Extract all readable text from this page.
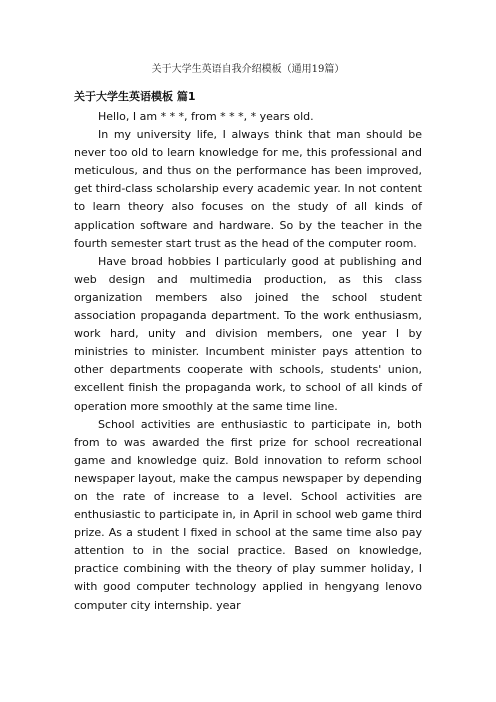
关于大学生英语自我介绍模板（通用19篇）
关于大学生英语模板 篇1

Hello, I am * * *, from * * *, * years old.

In my university life, I always think that man should be never too old to learn knowledge for me, this professional and meticulous, and thus on the performance has been improved, get third-class scholarship every academic year. In not content to learn theory also focuses on the study of all kinds of application software and hardware. So by the teacher in the fourth semester start trust as the head of the computer room.

Have broad hobbies I particularly good at publishing and web design and multimedia production, as this class organization members also joined the school student association propaganda department. To the work enthusiasm, work hard, unity and division members, one year I by ministries to minister. Incumbent minister pays attention to other departments cooperate with schools, students' union, excellent finish the propaganda work, to school of all kinds of operation more smoothly at the same time line.

School activities are enthusiastic to participate in, both from to was awarded the first prize for school recreational game and knowledge quiz. Bold innovation to reform school newspaper layout, make the campus newspaper by depending on the rate of increase to a level. School activities are enthusiastic to participate in, in April in school web game third prize. As a student I fixed in school at the same time also pay attention to in the social practice. Based on knowledge, practice combining with the theory of play summer holiday, I with good computer technology applied in hengyang lenovo computer city internship. year
